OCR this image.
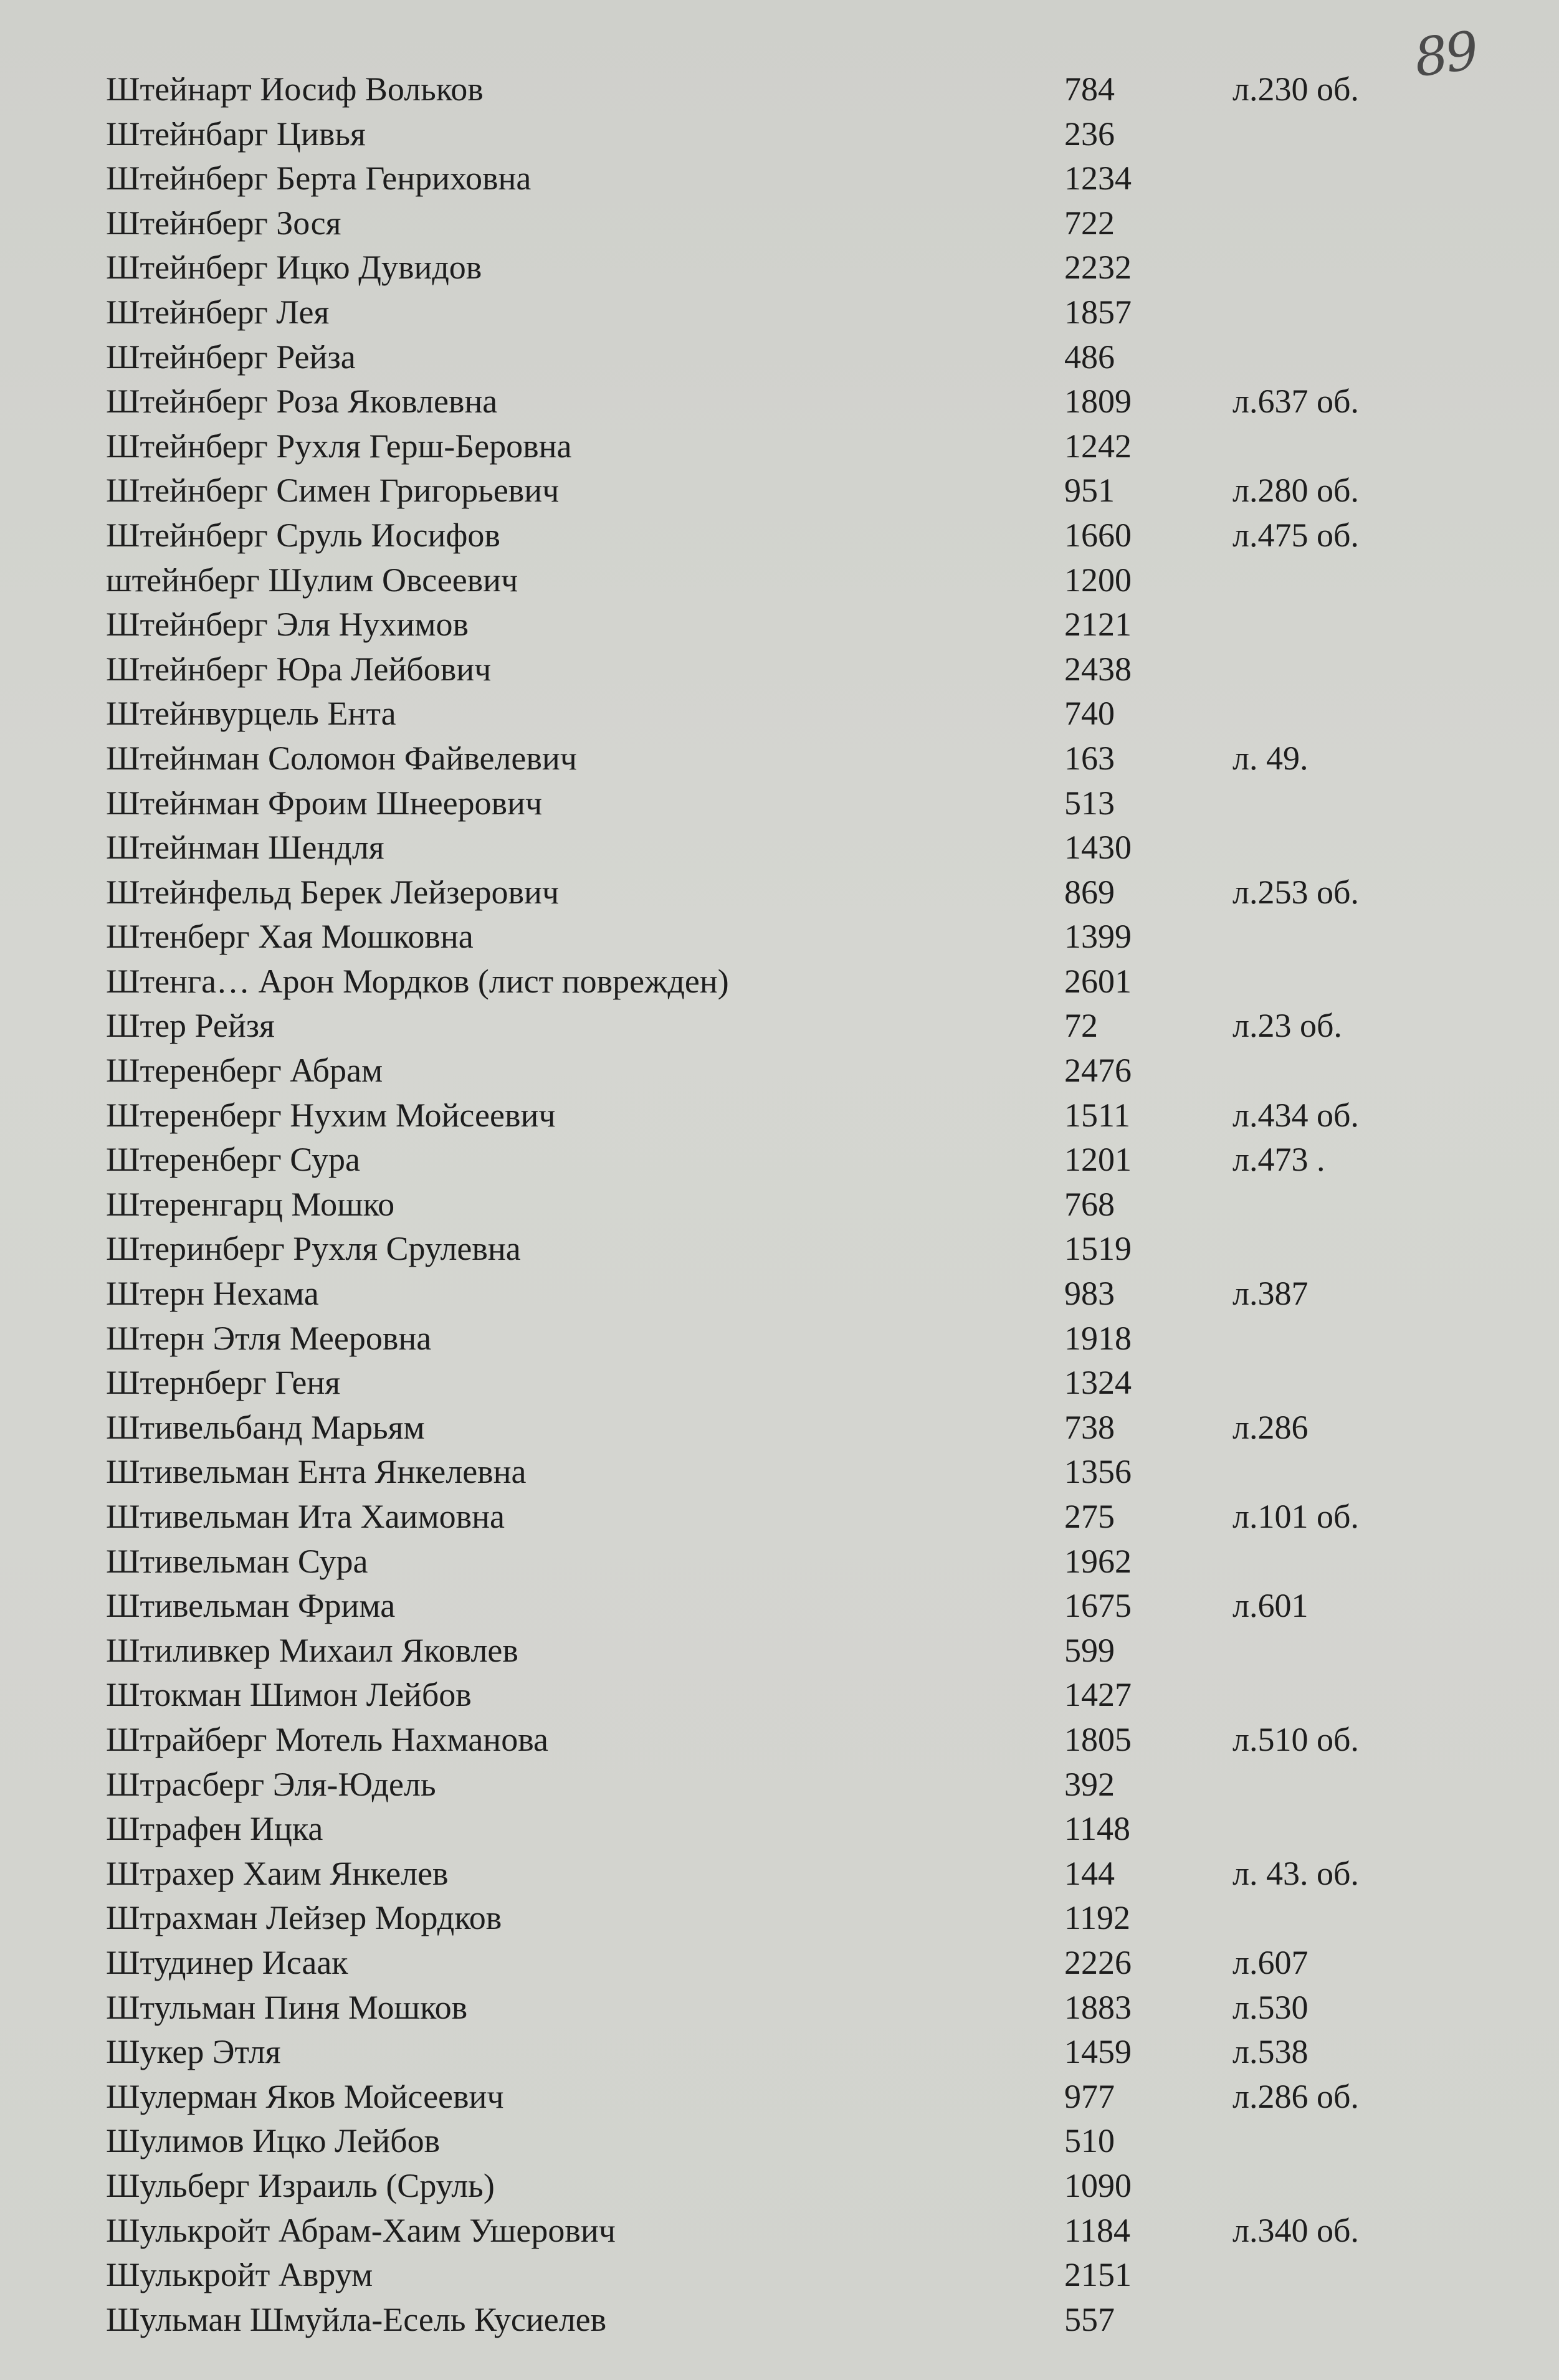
89
Штейнарт Иосиф Вольков	784	л.230 об.
Штейнбарг Цивья	236
Штейнберг Берта Генриховна	1234
Штейнберг Зося	722
Штейнберг Ицко Дувидов	2232
Штейнберг Лея	1857
Штейнберг Рейза	486
Штейнберг Роза Яковлевна	1809	л.637 об.
Штейнберг Рухля Герш-Беровна	1242
Штейнберг Симен Григорьевич	951	л.280 об.
Штейнберг Сруль Иосифов	1660	л.475 об.
штейнберг Шулим Овсеевич	1200
Штейнберг Эля Нухимов	2121
Штейнберг Юра Лейбович	2438
Штейнвурцель Ента	740
Штейнман Соломон Файвелевич	163	л. 49.
Штейнман Фроим Шнеерович	513
Штейнман Шендля	1430
Штейнфельд Берек Лейзерович	869	л.253 об.
Штенберг Хая Мошковна	1399
Штенга… Арон Мордков (лист поврежден)	2601
Штер Рейзя	72	л.23 об.
Штеренберг Абрам	2476
Штеренберг Нухим Мойсеевич	1511	л.434 об.
Штеренберг Сура	1201	л.473 .
Штеренгарц Мошко	768
Штеринберг Рухля Срулевна	1519
Штерн Нехама	983	л.387
Штерн Этля Мееровна	1918
Штернберг Геня	1324
Штивельбанд Марьям	738	л.286
Штивельман Ента Янкелевна	1356
Штивельман Ита Хаимовна	275	л.101 об.
Штивельман Сура	1962
Штивельман Фрима	1675	л.601
Штиливкер Михаил Яковлев	599
Штокман Шимон Лейбов	1427
Штрайберг Мотель Нахманова	1805	л.510 об.
Штрасберг Эля-Юдель	392
Штрафен Ицка	1148
Штрахер Хаим Янкелев	144	л. 43. об.
Штрахман Лейзер Мордков	1192
Штудинер Исаак	2226	л.607
Штульман Пиня Мошков	1883	л.530
Шукер Этля	1459	л.538
Шулерман Яков Мойсеевич	977	л.286 об.
Шулимов Ицко Лейбов	510
Шульберг Израиль (Сруль)	1090
Шулькройт Абрам-Хаим Ушерович	1184	л.340 об.
Шулькройт Аврум	2151
Шульман Шмуйла-Есель Кусиелев	557
